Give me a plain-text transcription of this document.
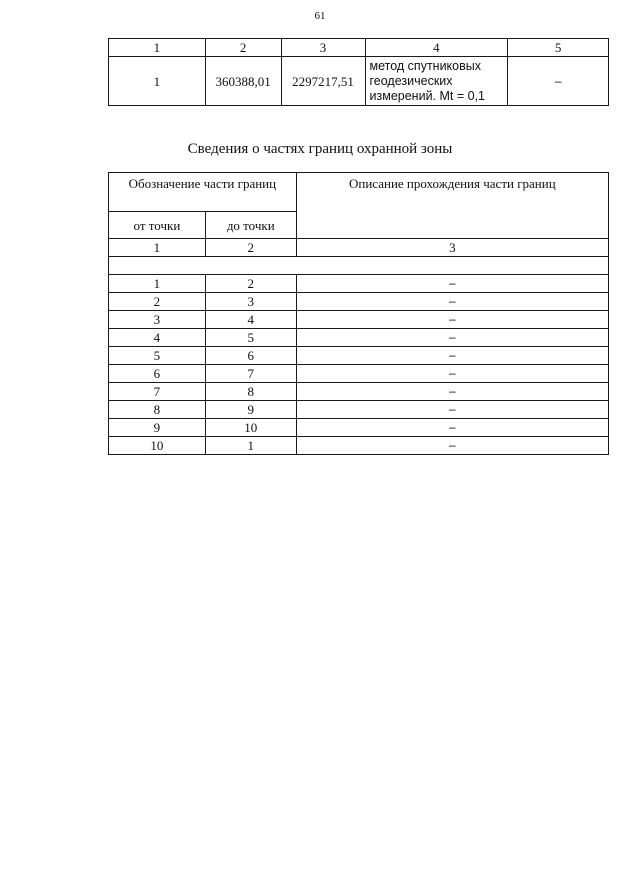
61
1	2	3	4	5
1	360388,01	2297217,51	метод спутниковых
геодезических
измерений. Mt = 0,1	–
Сведения о частях границ охранной зоны
Обозначение части границ		Описание прохождения части границ
от точки	до точки	
1	2	3

1	2	–
2	3	–
3	4	–
4	5	–
5	6	–
6	7	–
7	8	–
8	9	–
9	10	–
10	1	–
